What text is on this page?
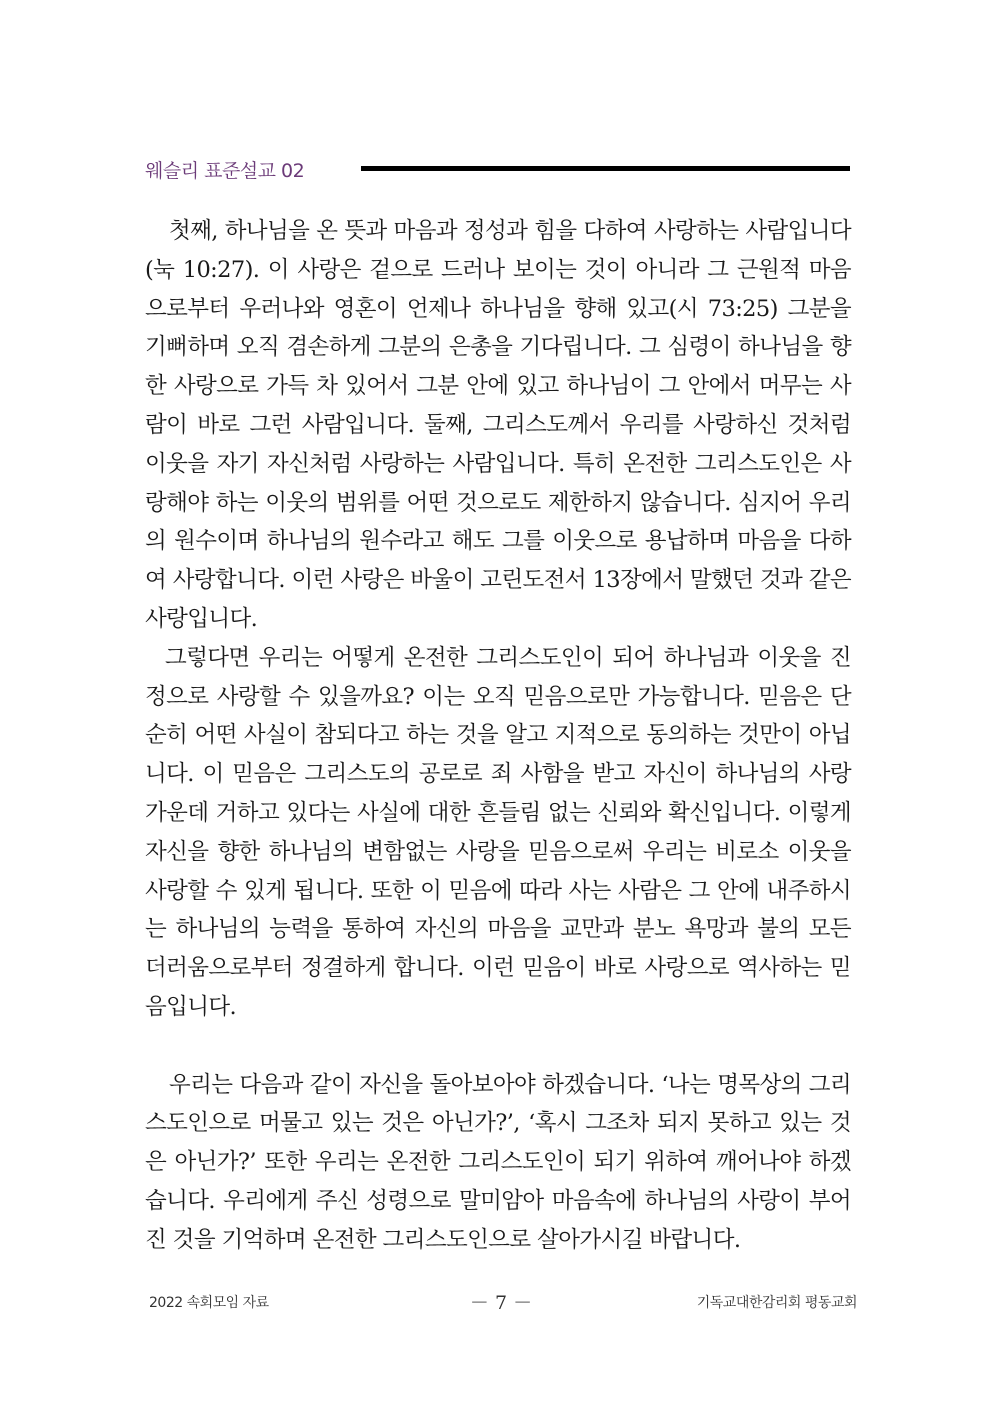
웨슬리 표준설교 02

첫째, 하나님을 온 뜻과 마음과 정성과 힘을 다하여 사랑하는 사람입니다(눅 10:27). 이 사랑은 겉으로 드러나 보이는 것이 아니라 그 근원적 마음으로부터 우러나와 영혼이 언제나 하나님을 향해 있고(시 73:25) 그분을 기뻐하며 오직 겸손하게 그분의 은총을 기다립니다. 그 심령이 하나님을 향한 사랑으로 가득 차 있어서 그분 안에 있고 하나님이 그 안에서 머무는 사람이 바로 그런 사람입니다. 둘째, 그리스도께서 우리를 사랑하신 것처럼 이웃을 자기 자신처럼 사랑하는 사람입니다. 특히 온전한 그리스도인은 사랑해야 하는 이웃의 범위를 어떤 것으로도 제한하지 않습니다. 심지어 우리의 원수이며 하나님의 원수라고 해도 그를 이웃으로 용납하며 마음을 다하여 사랑합니다. 이런 사랑은 바울이 고린도전서 13장에서 말했던 것과 같은 사랑입니다.

그렇다면 우리는 어떻게 온전한 그리스도인이 되어 하나님과 이웃을 진정으로 사랑할 수 있을까요? 이는 오직 믿음으로만 가능합니다. 믿음은 단순히 어떤 사실이 참되다고 하는 것을 알고 지적으로 동의하는 것만이 아닙니다. 이 믿음은 그리스도의 공로로 죄 사함을 받고 자신이 하나님의 사랑 가운데 거하고 있다는 사실에 대한 흔들림 없는 신뢰와 확신입니다. 이렇게 자신을 향한 하나님의 변함없는 사랑을 믿음으로써 우리는 비로소 이웃을 사랑할 수 있게 됩니다. 또한 이 믿음에 따라 사는 사람은 그 안에 내주하시는 하나님의 능력을 통하여 자신의 마음을 교만과 분노 욕망과 불의 모든 더러움으로부터 정결하게 합니다. 이런 믿음이 바로 사랑으로 역사하는 믿음입니다.

우리는 다음과 같이 자신을 돌아보아야 하겠습니다. ‘나는 명목상의 그리스도인으로 머물고 있는 것은 아닌가?’, ‘혹시 그조차 되지 못하고 있는 것은 아닌가?’ 또한 우리는 온전한 그리스도인이 되기 위하여 깨어나야 하겠습니다. 우리에게 주신 성령으로 말미암아 마음속에 하나님의 사랑이 부어진 것을 기억하며 온전한 그리스도인으로 살아가시길 바랍니다.

2022 속회모임 자료	－ 7 －	기독교대한감리회 평동교회
